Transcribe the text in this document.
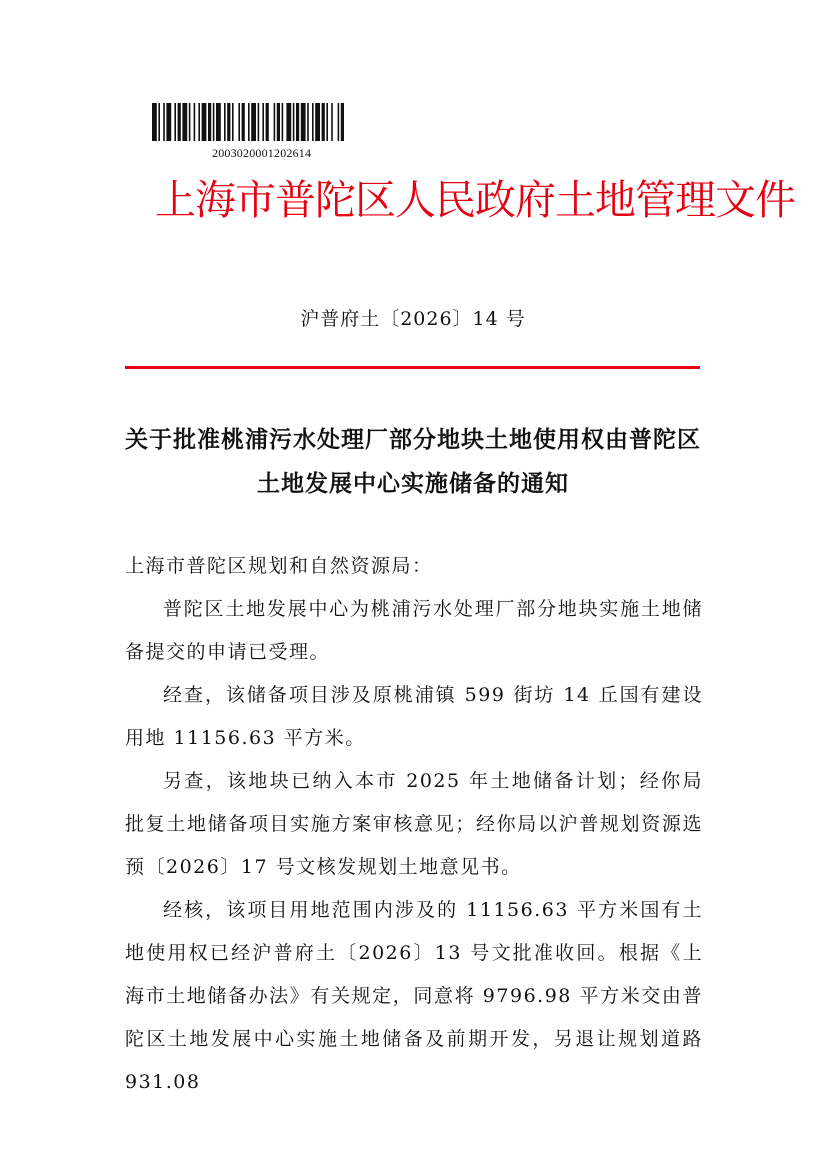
2003020001202614
上海市普陀区人民政府土地管理文件
沪普府土〔2026〕14 号
关于批准桃浦污水处理厂部分地块土地使用权由普陀区土地发展中心实施储备的通知

上海市普陀区规划和自然资源局：

普陀区土地发展中心为桃浦污水处理厂部分地块实施土地储备提交的申请已受理。

经查，该储备项目涉及原桃浦镇 599 街坊 14 丘国有建设用地 11156.63 平方米。

另查，该地块已纳入本市 2025 年土地储备计划；经你局批复土地储备项目实施方案审核意见；经你局以沪普规划资源选预〔2026〕17 号文核发规划土地意见书。

经核，该项目用地范围内涉及的 11156.63 平方米国有土地使用权已经沪普府土〔2026〕13 号文批准收回。根据《上海市土地储备办法》有关规定，同意将 9796.98 平方米交由普陀区土地发展中心实施土地储备及前期开发，另退让规划道路 931.08
